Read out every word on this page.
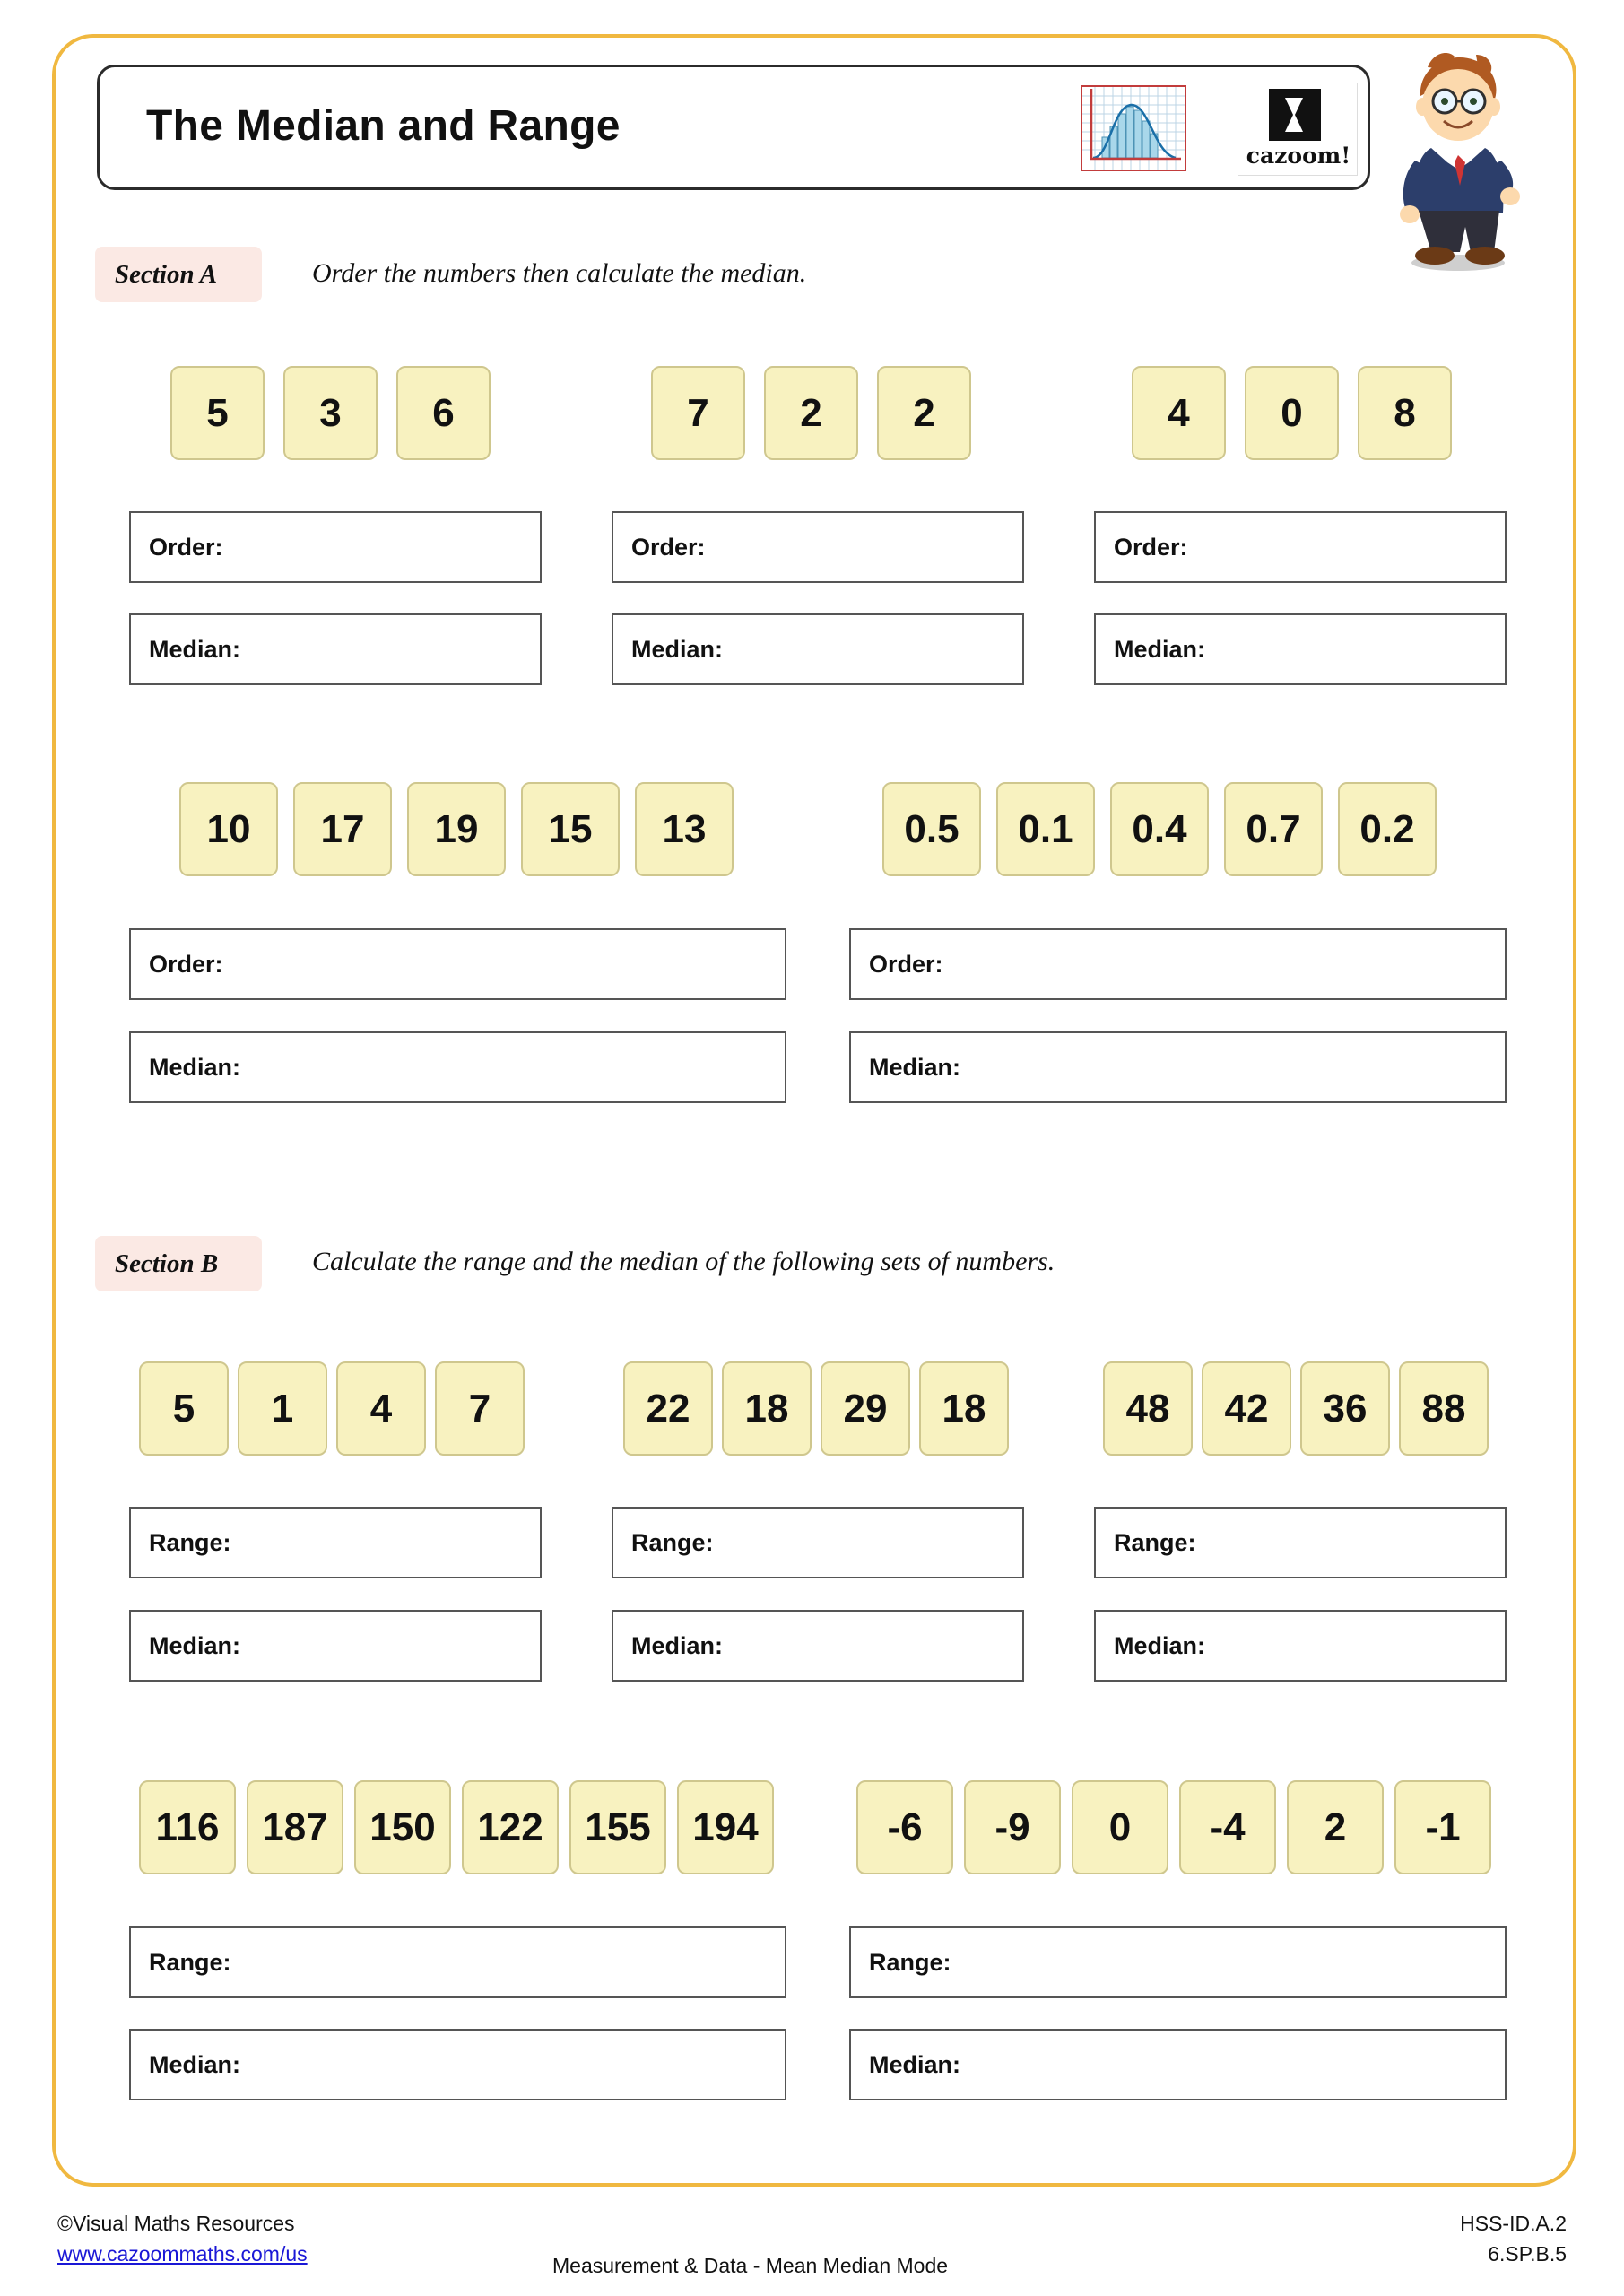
The Median and Range
cazoom!
Section A	Order the numbers then calculate the median.
5	3	6
Order:
Median:
7	2	2
Order:
Median:
4	0	8
Order:
Median:
10	17	19	15	13
Order:
Median:
0.5	0.1	0.4	0.7	0.2
Order:
Median:
Section B	Calculate the range and the median of the following sets of numbers.
5	1	4	7
Range:
Median:
22	18	29	18
Range:
Median:
48	42	36	88
Range:
Median:
116	187	150	122	155	194
Range:
Median:
-6	-9	0	-4	2	-1
Range:
Median:
©Visual Maths Resources
www.cazoommaths.com/us	Measurement & Data - Mean Median Mode
HSS-ID.A.2
6.SP.B.5
